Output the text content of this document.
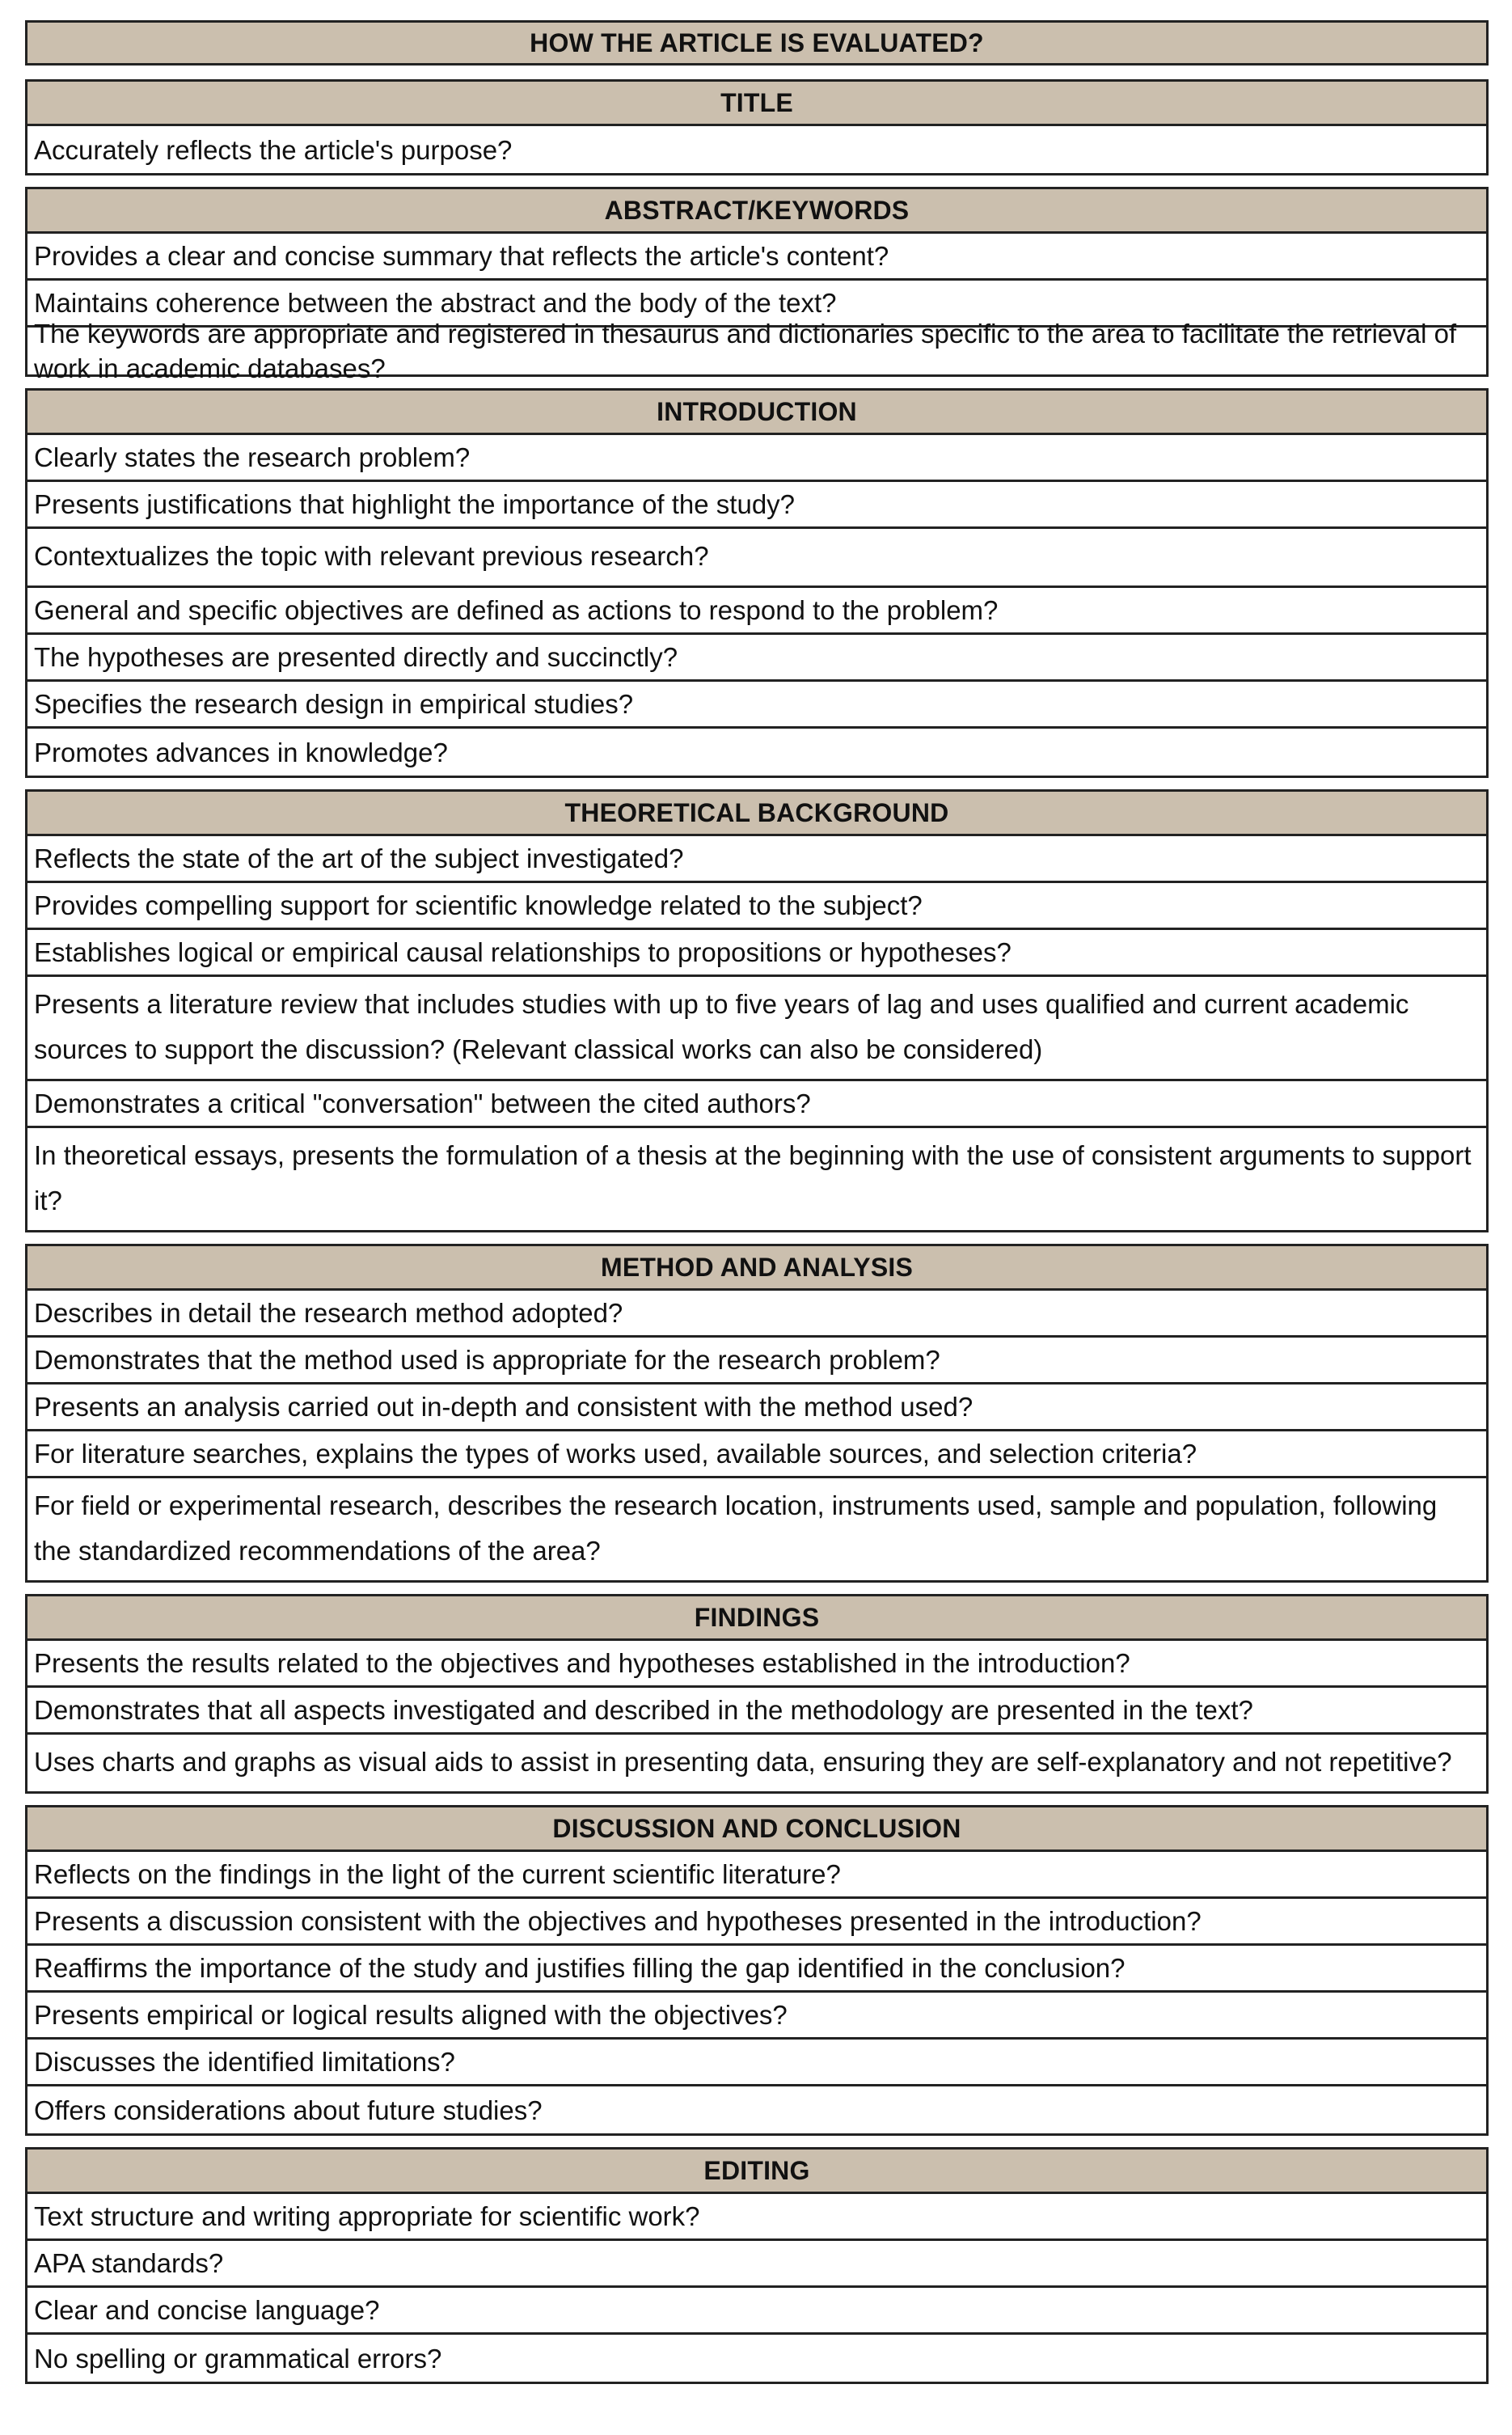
HOW THE ARTICLE IS EVALUATED?
TITLE
Accurately reflects the article's purpose?
ABSTRACT/KEYWORDS
Provides a clear and concise summary that reflects the article's content?
Maintains coherence between the abstract and the body of the text?
The keywords are appropriate and registered in thesaurus and dictionaries specific to the area to facilitate the retrieval of work in academic databases?
INTRODUCTION
Clearly states the research problem?
Presents justifications that highlight the importance of the study?
Contextualizes the topic with relevant previous research?
General and specific objectives are defined as actions to respond to the problem?
The hypotheses are presented directly and succinctly?
Specifies the research design in empirical studies?
Promotes advances in knowledge?
THEORETICAL BACKGROUND
Reflects the state of the art of the subject investigated?
Provides compelling support for scientific knowledge related to the subject?
Establishes logical or empirical causal relationships to propositions or hypotheses?
Presents a literature review that includes studies with up to five years of lag and uses qualified and current academic sources to support the discussion? (Relevant classical works can also be considered)
Demonstrates a critical "conversation" between the cited authors?
In theoretical essays, presents the formulation of a thesis at the beginning with the use of consistent arguments to support it?
METHOD AND ANALYSIS
Describes in detail the research method adopted?
Demonstrates that the method used is appropriate for the research problem?
Presents an analysis carried out in-depth and consistent with the method used?
For literature searches, explains the types of works used, available sources, and selection criteria?
For field or experimental research, describes the research location, instruments used, sample and population, following the standardized recommendations of the area?
FINDINGS
Presents the results related to the objectives and hypotheses established in the introduction?
Demonstrates that all aspects investigated and described in the methodology are presented in the text?
Uses charts and graphs as visual aids to assist in presenting data, ensuring they are self-explanatory and not repetitive?
DISCUSSION AND CONCLUSION
Reflects on the findings in the light of the current scientific literature?
Presents a discussion consistent with the objectives and hypotheses presented in the introduction?
Reaffirms the importance of the study and justifies filling the gap identified in the conclusion?
Presents empirical or logical results aligned with the objectives?
Discusses the identified limitations?
Offers considerations about future studies?
EDITING
Text structure and writing appropriate for scientific work?
APA standards?
Clear and concise language?
No spelling or grammatical errors?
